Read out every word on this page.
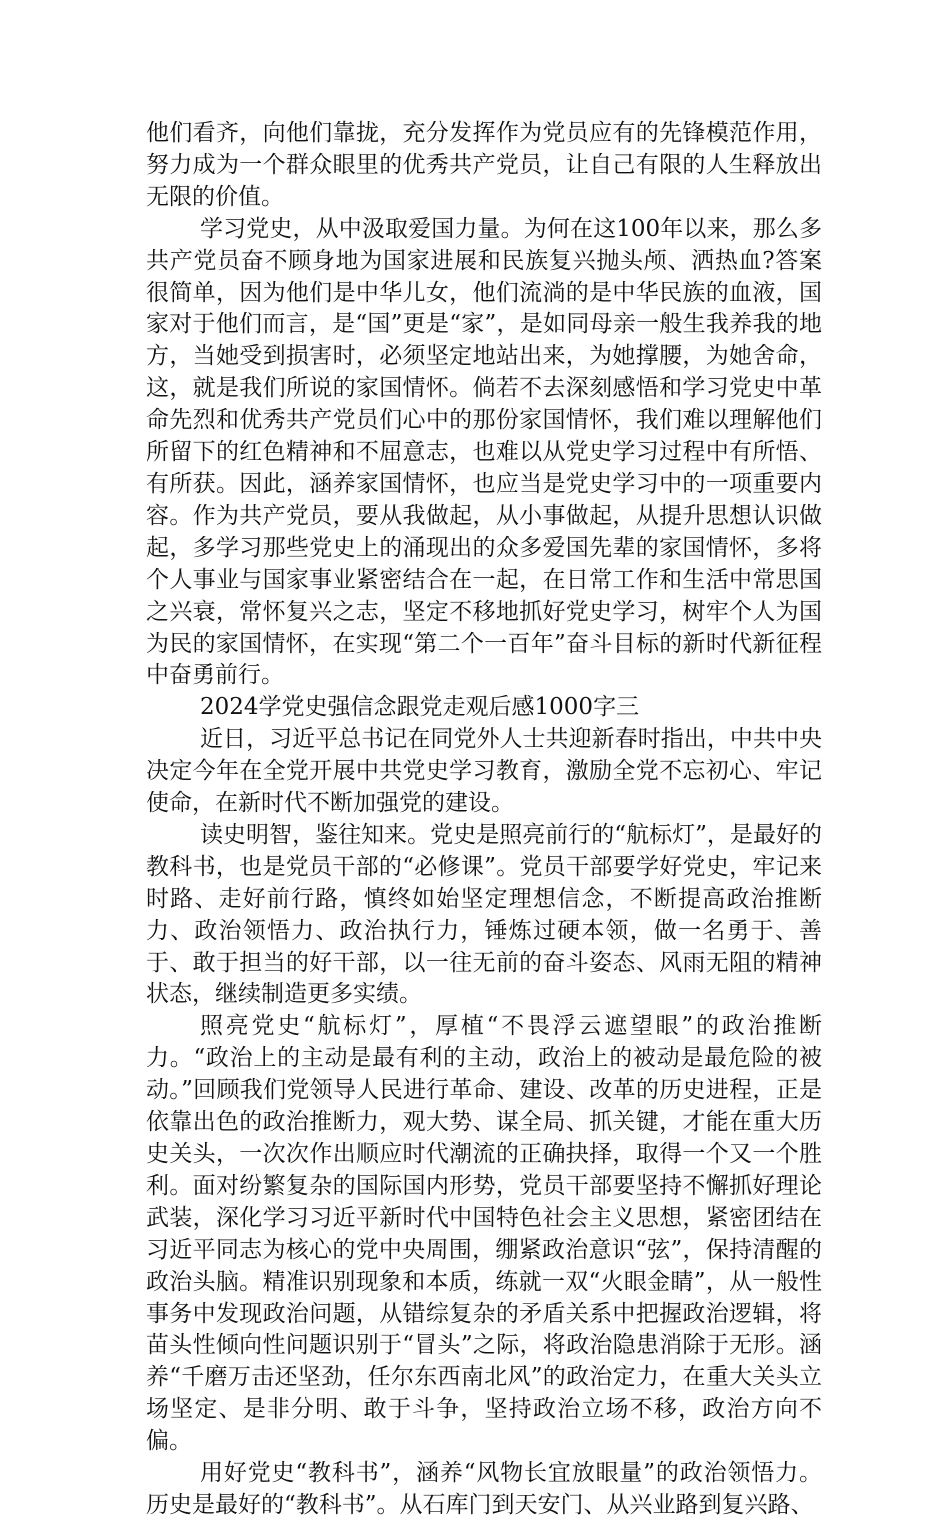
他们看齐，向他们靠拢，充分发挥作为党员应有的先锋模范作用，努力成为一个群众眼里的优秀共产党员，让自己有限的人生释放出无限的价值。

学习党史，从中汲取爱国力量。为何在这100年以来，那么多共产党员奋不顾身地为国家进展和民族复兴抛头颅、洒热血?答案很简单，因为他们是中华儿女，他们流淌的是中华民族的血液，国家对于他们而言，是“国”更是“家”，是如同母亲一般生我养我的地方，当她受到损害时，必须坚定地站出来，为她撑腰，为她舍命，这，就是我们所说的家国情怀。倘若不去深刻感悟和学习党史中革命先烈和优秀共产党员们心中的那份家国情怀，我们难以理解他们所留下的红色精神和不屈意志，也难以从党史学习过程中有所悟、有所获。因此，涵养家国情怀，也应当是党史学习中的一项重要内容。作为共产党员，要从我做起，从小事做起，从提升思想认识做起，多学习那些党史上的涌现出的众多爱国先辈的家国情怀，多将个人事业与国家事业紧密结合在一起，在日常工作和生活中常思国之兴衰，常怀复兴之志，坚定不移地抓好党史学习，树牢个人为国为民的家国情怀，在实现“第二个一百年”奋斗目标的新时代新征程中奋勇前行。

2024学党史强信念跟党走观后感1000字三

近日，习近平总书记在同党外人士共迎新春时指出，中共中央决定今年在全党开展中共党史学习教育，激励全党不忘初心、牢记使命，在新时代不断加强党的建设。

读史明智，鉴往知来。党史是照亮前行的“航标灯”，是最好的教科书，也是党员干部的“必修课”。党员干部要学好党史，牢记来时路、走好前行路，慎终如始坚定理想信念，不断提高政治推断力、政治领悟力、政治执行力，锤炼过硬本领，做一名勇于、善于、敢于担当的好干部，以一往无前的奋斗姿态、风雨无阻的精神状态，继续制造更多实绩。

照亮党史“航标灯”，厚植“不畏浮云遮望眼”的政治推断力。“政治上的主动是最有利的主动，政治上的被动是最危险的被动。”回顾我们党领导人民进行革命、建设、改革的历史进程，正是依靠出色的政治推断力，观大势、谋全局、抓关键，才能在重大历史关头，一次次作出顺应时代潮流的正确抉择，取得一个又一个胜利。面对纷繁复杂的国际国内形势，党员干部要坚持不懈抓好理论武装，深化学习习近平新时代中国特色社会主义思想，紧密团结在习近平同志为核心的党中央周围，绷紧政治意识“弦”，保持清醒的政治头脑。精准识别现象和本质，练就一双“火眼金睛”，从一般性事务中发现政治问题，从错综复杂的矛盾关系中把握政治逻辑，将苗头性倾向性问题识别于“冒头”之际，将政治隐患消除于无形。涵养“千磨万击还坚劲，任尔东西南北风”的政治定力，在重大关头立场坚定、是非分明、敢于斗争，坚持政治立场不移，政治方向不偏。

用好党史“教科书”，涵养“风物长宜放眼量”的政治领悟力。历史是最好的“教科书”。从石库门到天安门、从兴业路到复兴路、
